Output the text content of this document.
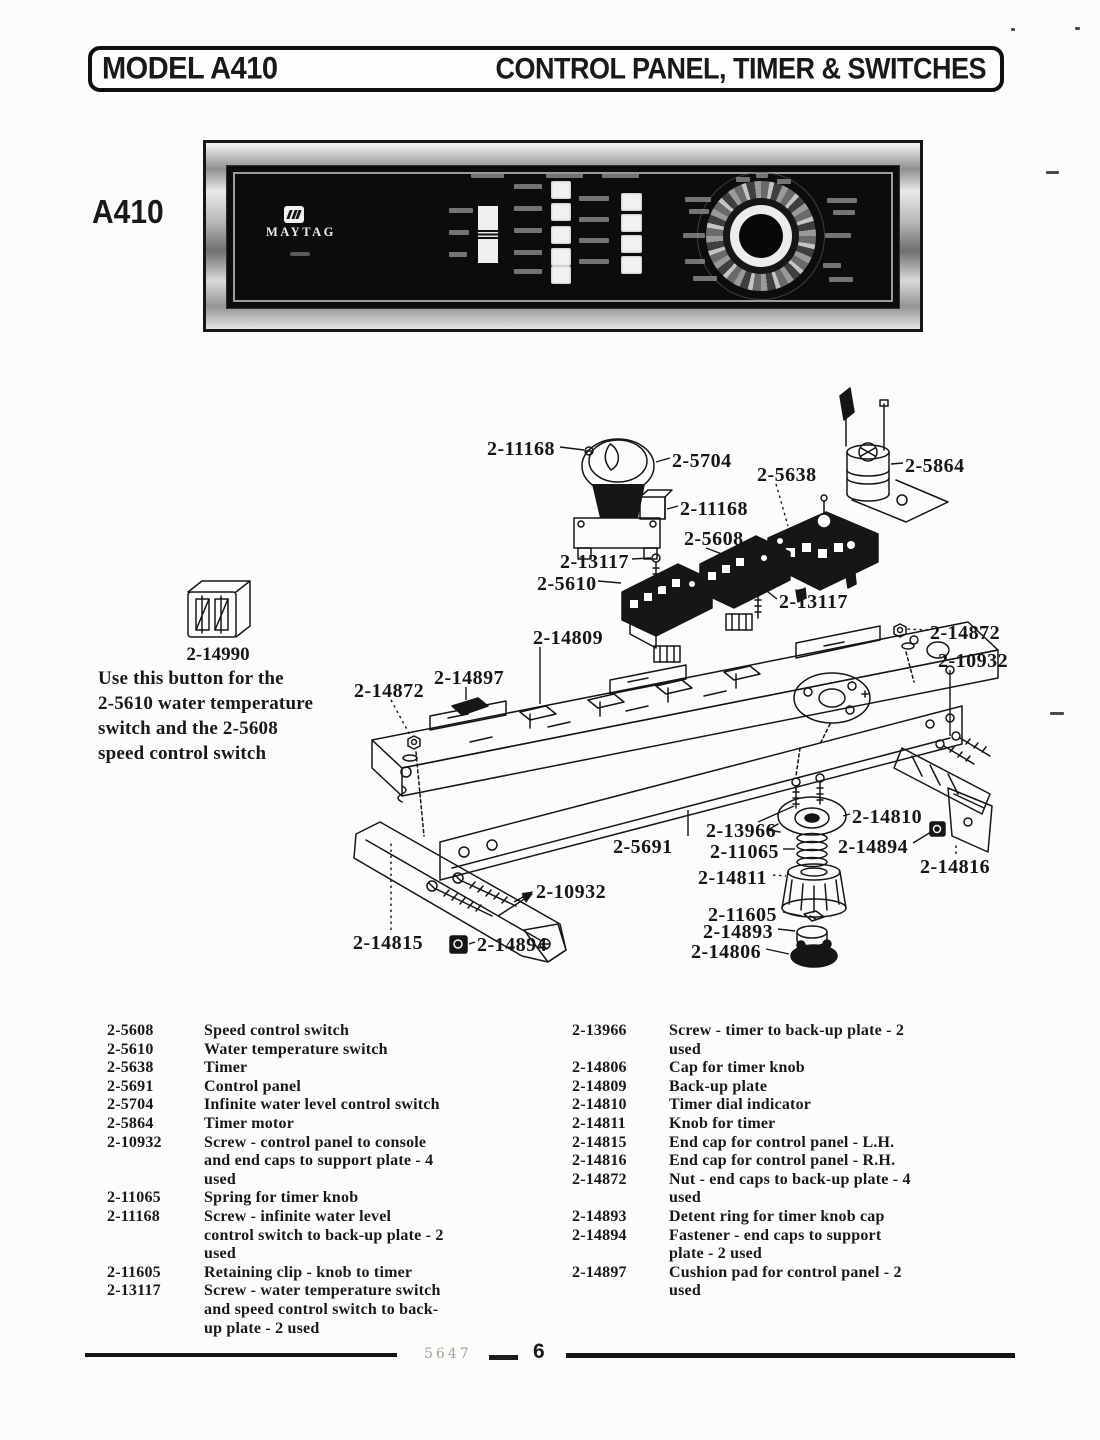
MODEL A410	CONTROL PANEL, TIMER & SWITCHES
A410
MAYTAG
2-11168
2-5704
2-5638	2-5864
2-11168
2-5608
2-13117
2-5610
2-13117
2-14809
2-14897
2-14872
2-14872
2-10932
2-13966
2-14810
2-5691 2-11065	2-14894
2-14816
2-14811
2-10932
2-11605
2-14893
2-14806
2-14815	2-14894
2-14990
Use this button for the
2-5610 water temperature
switch and the 2-5608
speed control switch
2-5608	Speed control switch
2-5610	Water temperature switch
2-5638	Timer
2-5691	Control panel
2-5704	Infinite water level control switch
2-5864	Timer motor
2-10932	Screw - control panel to console
and end caps to support plate - 4
used
2-11065	Spring for timer knob
2-11168	Screw - infinite water level
control switch to back-up plate - 2
used
2-11605	Retaining clip - knob to timer
2-13117	Screw - water temperature switch
and speed control switch to back-
up plate - 2 used
2-13966	Screw - timer to back-up plate - 2
used
2-14806	Cap for timer knob
2-14809	Back-up plate
2-14810	Timer dial indicator
2-14811	Knob for timer
2-14815	End cap for control panel - L.H.
2-14816	End cap for control panel - R.H.
2-14872	Nut - end caps to back-up plate - 4
used
2-14893	Detent ring for timer knob cap
2-14894	Fastener - end caps to support
plate - 2 used
2-14897	Cushion pad for control panel - 2
used
5647	6
